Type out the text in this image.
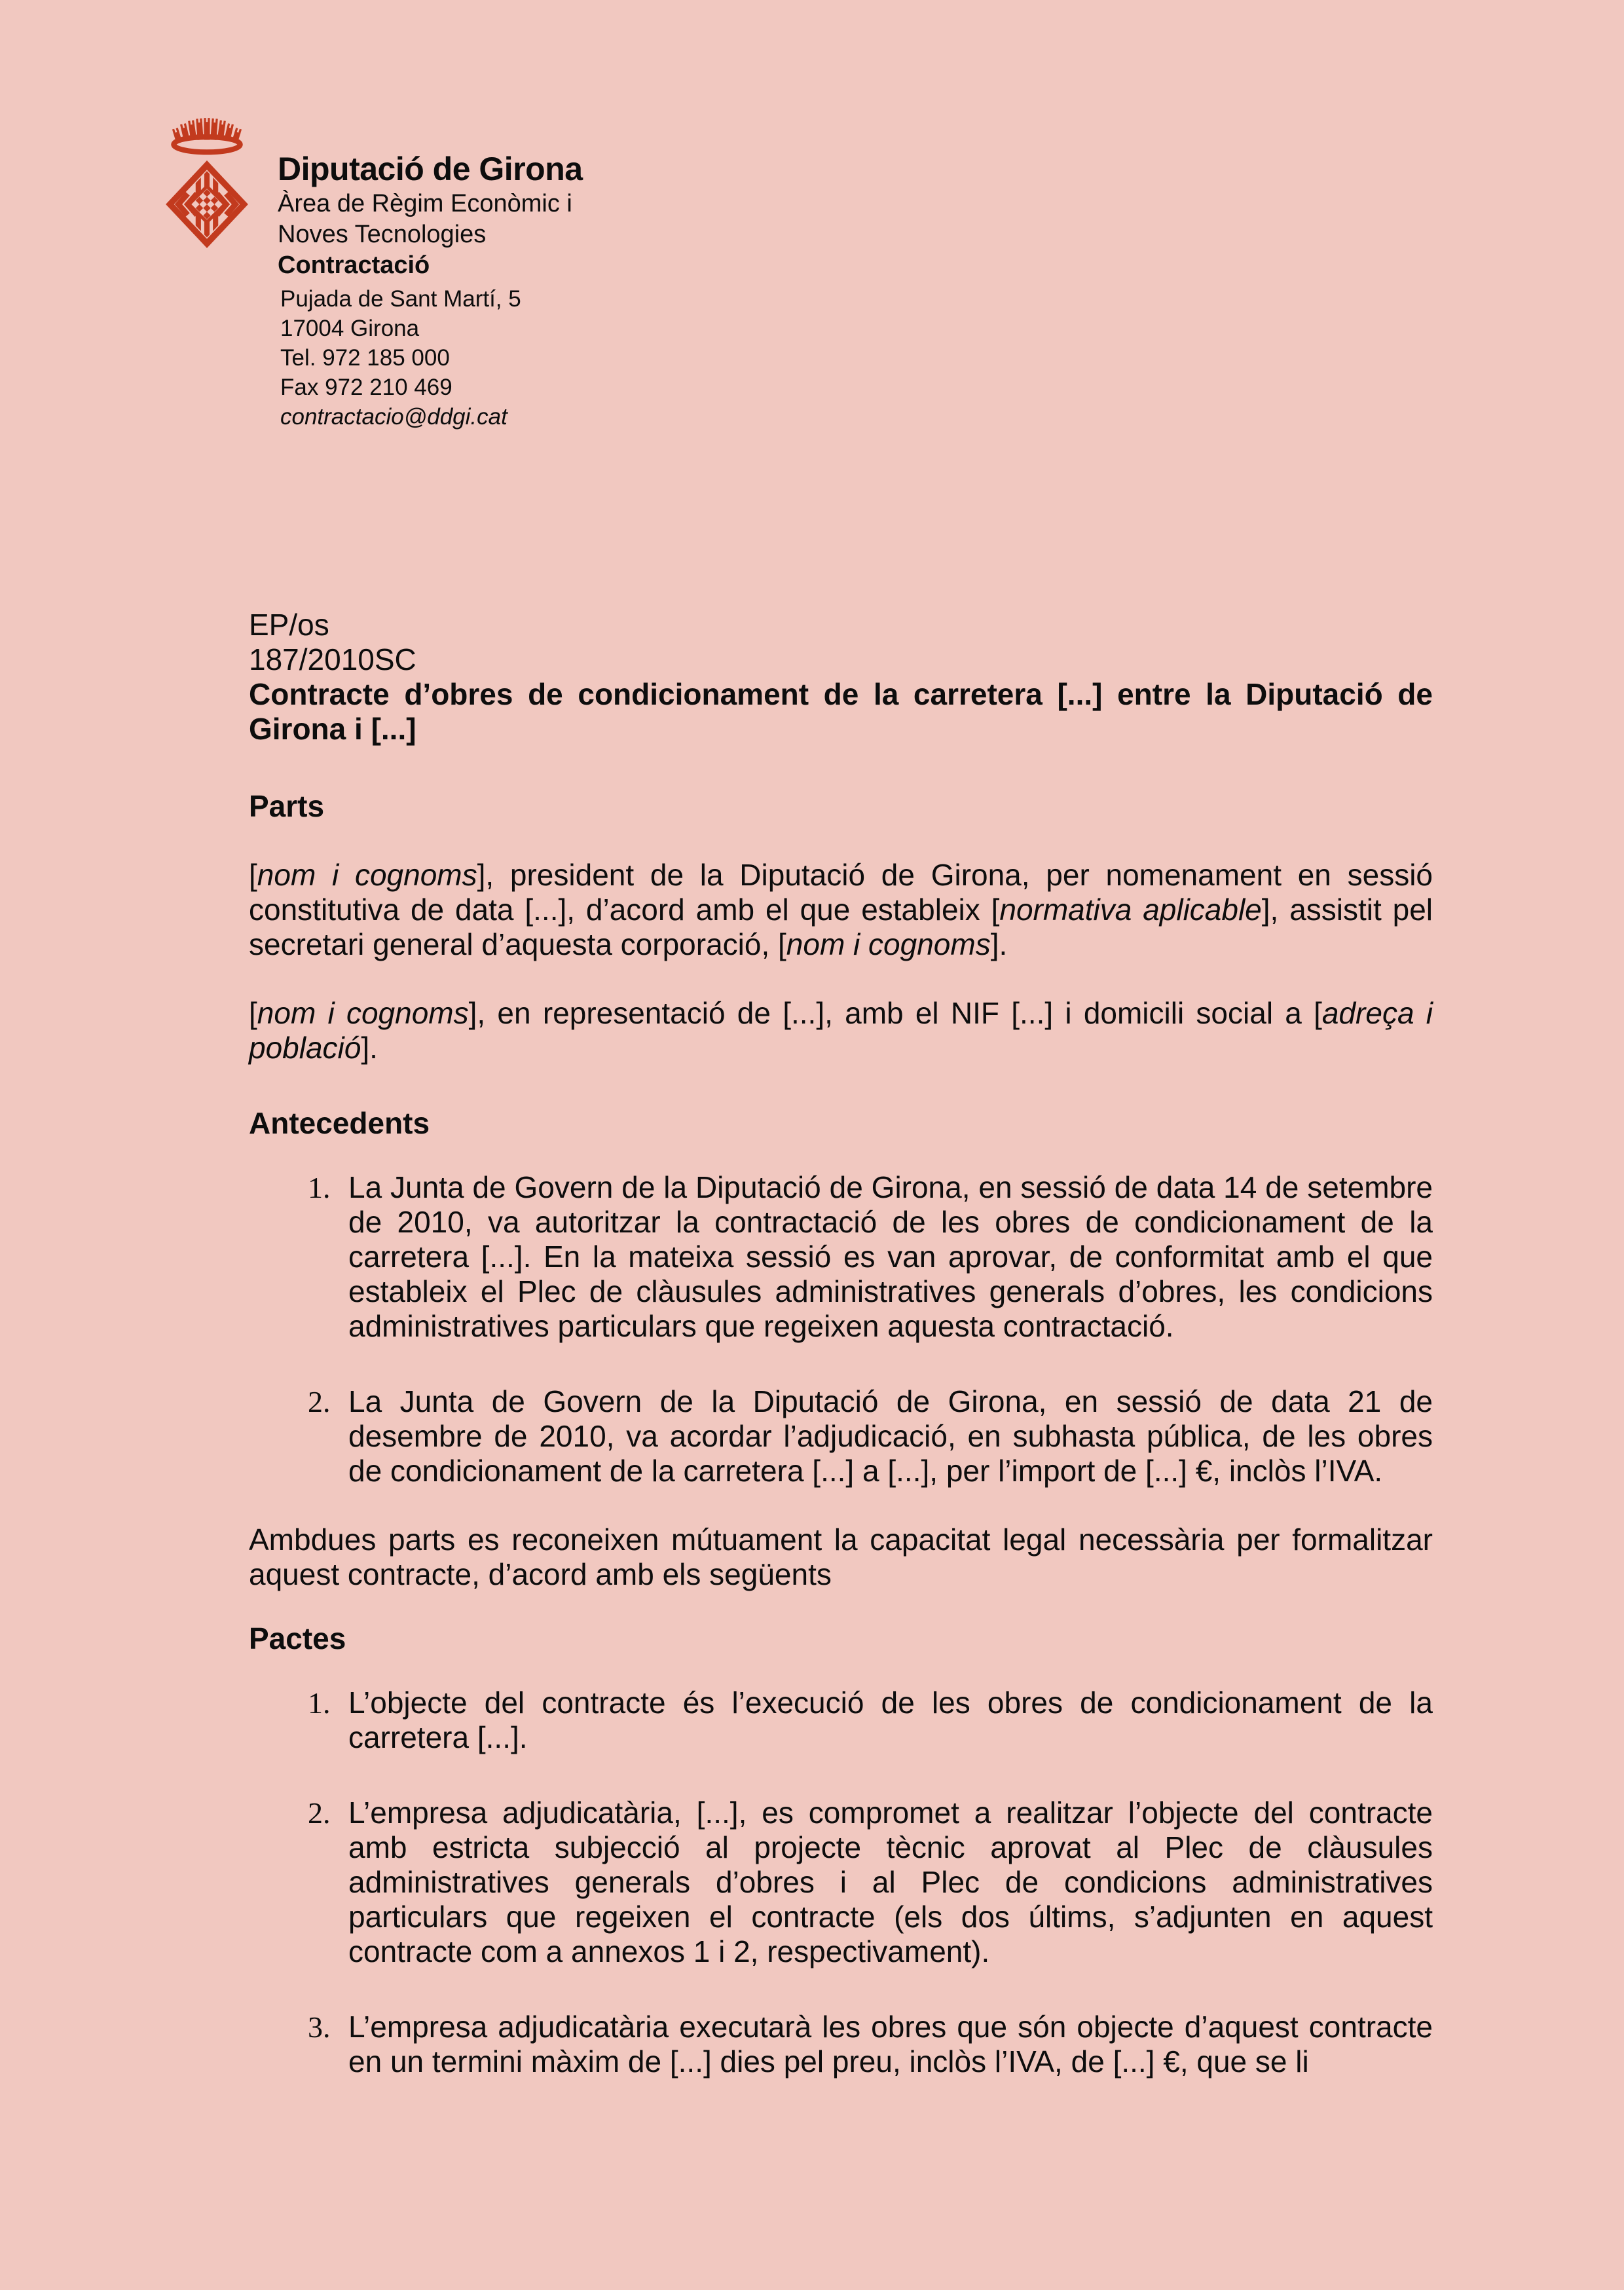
Diputació de Girona
Àrea de Règim Econòmic i
Noves Tecnologies
Contractació
Pujada de Sant Martí, 5
17004 Girona
Tel. 972 185 000
Fax 972 210 469
contractacio@ddgi.cat
EP/os
187/2010SC

Contracte d’obres de condicionament de la carretera [...] entre la Diputació de Girona i [...]

Parts

[nom i cognoms], president de la Diputació de Girona, per nomenament en sessió constitutiva de data [...], d’acord amb el que estableix [normativa aplicable], assistit pel secretari general d’aquesta corporació, [nom i cognoms].

[nom i cognoms], en representació de [...], amb el NIF [...] i domicili social a [adreça i població].

Antecedents
1. La Junta de Govern de la Diputació de Girona, en sessió de data 14 de setembre de 2010, va autoritzar la contractació de les obres de condicionament de la carretera [...]. En la mateixa sessió es van aprovar, de conformitat amb el que estableix el Plec de clàusules administratives generals d’obres, les condicions administratives particulars que regeixen aquesta contractació.
2. La Junta de Govern de la Diputació de Girona, en sessió de data 21 de desembre de 2010, va acordar l’adjudicació, en subhasta pública, de les obres de condicionament de la carretera [...] a [...], per l’import de [...] €, inclòs l’IVA.

Ambdues parts es reconeixen mútuament la capacitat legal necessària per formalitzar aquest contracte, d’acord amb els següents

Pactes
1. L’objecte del contracte és l’execució de les obres de condicionament de la carretera [...].
2. L’empresa adjudicatària, [...], es compromet a realitzar l’objecte del contracte amb estricta subjecció al projecte tècnic aprovat al Plec de clàusules administratives generals d’obres i al Plec de condicions administratives particulars que regeixen el contracte (els dos últims, s’adjunten en aquest contracte com a annexos 1 i 2, respectivament).
3. L’empresa adjudicatària executarà les obres que són objecte d’aquest contracte en un termini màxim de [...] dies pel preu, inclòs l’IVA, de [...] €, que se li
